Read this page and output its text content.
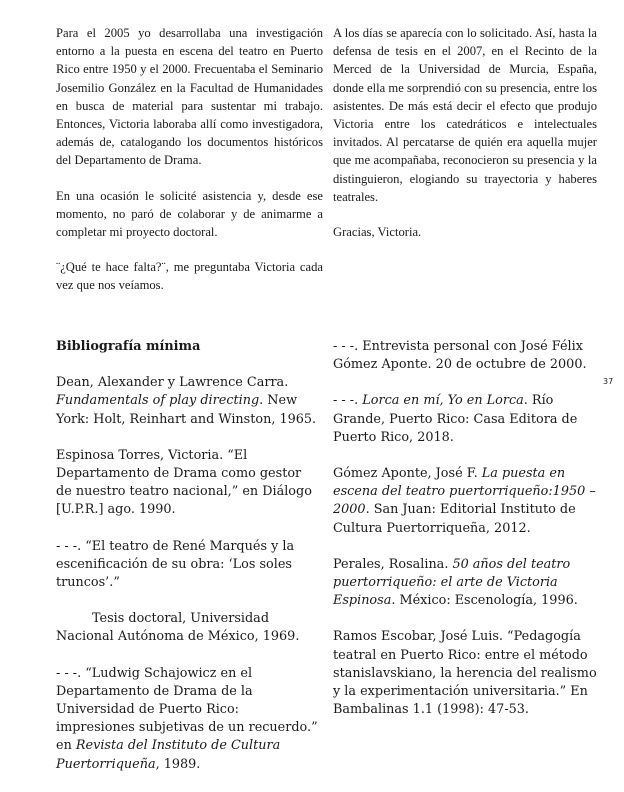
Para el 2005 yo desarrollaba una investigación entorno a la puesta en escena del teatro en Puerto Rico entre 1950 y el 2000. Frecuentaba el Seminario Josemilio González en la Facultad de Humanidades en busca de material para sustentar mi trabajo. Entonces, Victoria laboraba allí como investigadora, además de, catalogando los documentos históricos del Departamento de Drama.

En una ocasión le solicité asistencia y, desde ese momento, no paró de colaborar y de animarme a completar mi proyecto doctoral.

¨¿Qué te hace falta?¨, me preguntaba Victoria cada vez que nos veíamos.

A los días se aparecía con lo solicitado. Así, hasta la defensa de tesis en el 2007, en el Recinto de la Merced de la Universidad de Murcia, España, donde ella me sorprendió con su presencia, entre los asistentes. De más está decir el efecto que produjo Victoria entre los catedráticos e intelectuales invitados. Al percatarse de quién era aquella mujer que me acompañaba, reconocieron su presencia y la distinguieron, elogiando su trayectoria y haberes teatrales.

Gracias, Victoria.

Bibliografía mínima

Dean, Alexander y Lawrence Carra. Fundamentals of play directing. New York: Holt, Reinhart and Winston, 1965.

Espinosa Torres, Victoria. “El Departamento de Drama como gestor de nuestro teatro nacional,” en Diálogo [U.P.R.] ago. 1990.

- - -. “El teatro de René Marqués y la escenificación de su obra: ‘Los soles truncos’.”

Tesis doctoral, Universidad Nacional Autónoma de México, 1969.

- - -. “Ludwig Schajowicz en el Departamento de Drama de la Universidad de Puerto Rico: impresiones subjetivas de un recuerdo.” en Revista del Instituto de Cultura Puertorriqueña, 1989.

- - -. Entrevista personal con José Félix Gómez Aponte. 20 de octubre de 2000.

- - -. Lorca en mí, Yo en Lorca. Río Grande, Puerto Rico: Casa Editora de Puerto Rico, 2018.

Gómez Aponte, José F. La puesta en escena del teatro puertorriqueño:1950 – 2000. San Juan: Editorial Instituto de Cultura Puertorriqueña, 2012.

Perales, Rosalina. 50 años del teatro puertorriqueño: el arte de Victoria Espinosa. México: Escenología, 1996.

Ramos Escobar, José Luis. “Pedagogía teatral en Puerto Rico: entre el método stanislavskiano, la herencia del realismo y la experimentación universitaria.” En Bambalinas 1.1 (1998): 47-53.

37
